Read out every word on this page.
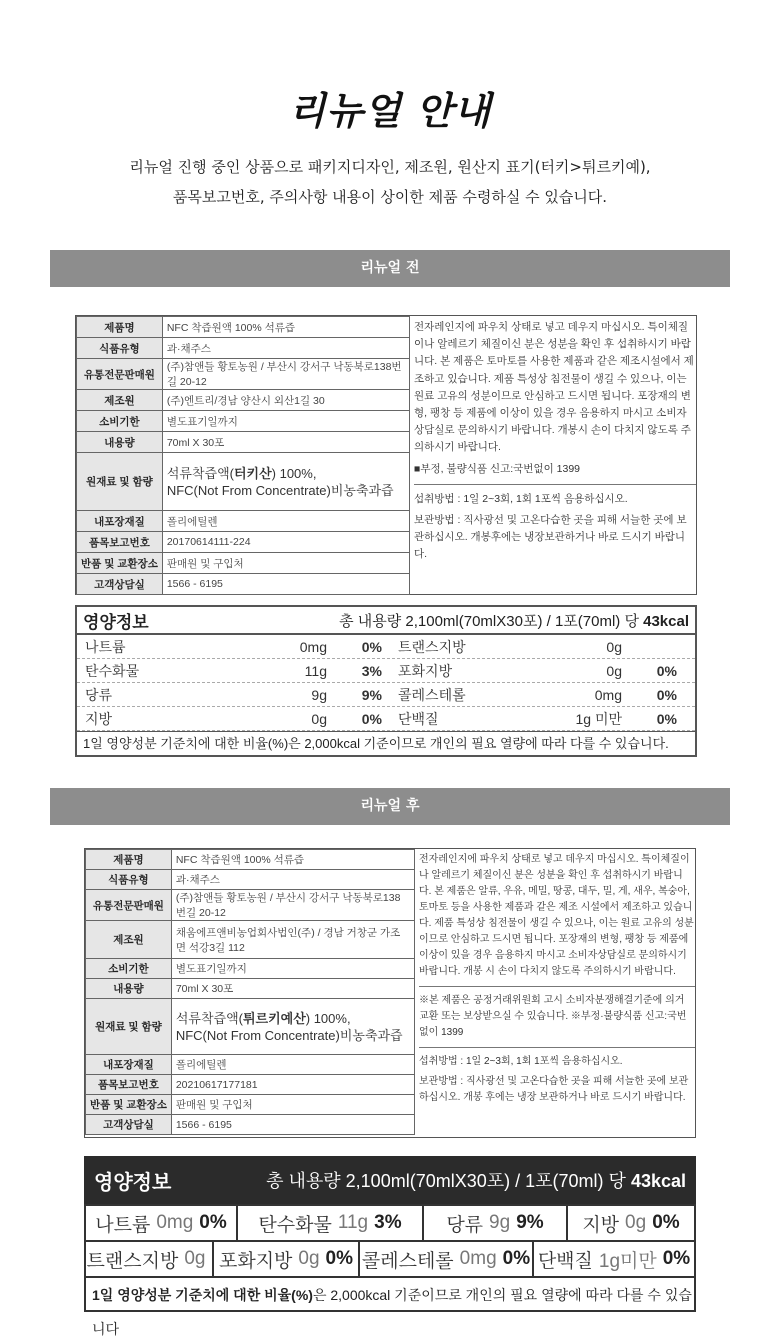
리뉴얼 안내
리뉴얼 진행 중인 상품으로 패키지디자인, 제조원, 원산지 표기(터키>튀르키예),
품목보고번호, 주의사항 내용이 상이한 제품 수령하실 수 있습니다.
리뉴얼 전
제품명	NFC 착즙원액 100% 석류즙
식품유형	과·채주스
유통전문판매원	(주)참앤들 황토농원 / 부산시 강서구 낙동북로138번길 20-12
제조원	(주)엔트리/경남 양산시 외산1길 30
소비기한	별도표기일까지
내용량	70ml X 30포
원재료 및 함량	석류착즙액(터키산) 100%,
NFC(Not From Concentrate)비농축과즙
내포장재질	폴리에틸렌
품목보고번호	20170614111-224
반품 및 교환장소	판매원 및 구입처
고객상담실	1566 - 6195

전자레인지에 파우치 상태로 넣고 데우지 마십시오. 특이체질이나 알레르기 체질이신 분은 성분을 확인 후 섭취하시기 바랍니다. 본 제품은 토마토를 사용한 제품과 같은 제조시설에서 제조하고 있습니다. 제품 특성상 침전물이 생길 수 있으나, 이는 원료 고유의 성분이므로 안심하고 드시면 됩니다. 포장재의 변형, 팽창 등 제품에 이상이 있을 경우 음용하지 마시고 소비자상담실로 문의하시기 바랍니다. 개봉시 손이 다치지 않도록 주의하시기 바랍니다.

■부정, 불량식품 신고:국번없이 1399

섭취방법 : 1일 2~3회, 1회 1포씩 음용하십시오.

보관방법 : 직사광선 및 고온다습한 곳을 피해 서늘한 곳에 보관하십시오. 개봉후에는 냉장보관하거나 바로 드시기 바랍니다.

영양정보	총 내용량 2,100ml(70mlX30포) / 1포(70ml) 당 43kcal
나트륨	0mg	0%	트랜스지방	0g
탄수화물	11g	3%	포화지방	0g	0%
당류	9g	9%	콜레스테롤	0mg	0%
지방	0g	0%	단백질	1g 미만	0%
1일 영양성분 기준치에 대한 비율(%)은 2,000kcal 기준이므로 개인의 필요 열량에 따라 다를 수 있습니다.
리뉴얼 후
제품명	NFC 착즙원액 100% 석류즙
식품유형	과·채주스
유통전문판매원	(주)참앤들 황토농원 / 부산시 강서구 낙동북로138번길 20-12
제조원	채움에프앤비농업회사법인(주) / 경남 거창군 가조면 석강3길 112
소비기한	별도표기일까지
내용량	70ml X 30포
원재료 및 함량	석류착즙액(튀르키예산) 100%,
NFC(Not From Concentrate)비농축과즙
내포장재질	폴리에틸렌
품목보고번호	20210617177181
반품 및 교환장소	판매원 및 구입처
고객상담실	1566 - 6195

전자레인지에 파우치 상태로 넣고 데우지 마십시오. 특이체질이나 알레르기 체질이신 분은 성분을 확인 후 섭취하시기 바랍니다. 본 제품은 알류, 우유, 메밀, 땅콩, 대두, 밀, 게, 새우, 복숭아, 토마토 등을 사용한 제품과 같은 제조 시설에서 제조하고 있습니다. 제품 특성상 침전물이 생길 수 있으나, 이는 원료 고유의 성분이므로 안심하고 드시면 됩니다. 포장재의 변형, 팽창 등 제품에 이상이 있을 경우 음용하지 마시고 소비자상담실로 문의하시기 바랍니다. 개봉 시 손이 다치지 않도록 주의하시기 바랍니다.

※본 제품은 공정거래위원회 고시 소비자분쟁해결기준에 의거 교환 또는 보상받으실 수 있습니다. ※부정·불량식품 신고:국번없이 1399

섭취방법 : 1일 2~3회, 1회 1포씩 음용하십시오.

보관방법 : 직사광선 및 고온다습한 곳을 피해 서늘한 곳에 보관하십시오. 개봉 후에는 냉장 보관하거나 바로 드시기 바랍니다.

영양정보	총 내용량 2,100ml(70mlX30포) / 1포(70ml) 당 43kcal
나트륨 0mg 0% 탄수화물 11g 3% 당류 9g 9% 지방 0g 0%
트랜스지방 0g 포화지방 0g 0% 콜레스테롤 0mg 0% 단백질 1g미만 0%
1일 영양성분 기준치에 대한 비율(%)은 2,000kcal 기준이므로 개인의 필요 열량에 따라 다를 수 있습니다
